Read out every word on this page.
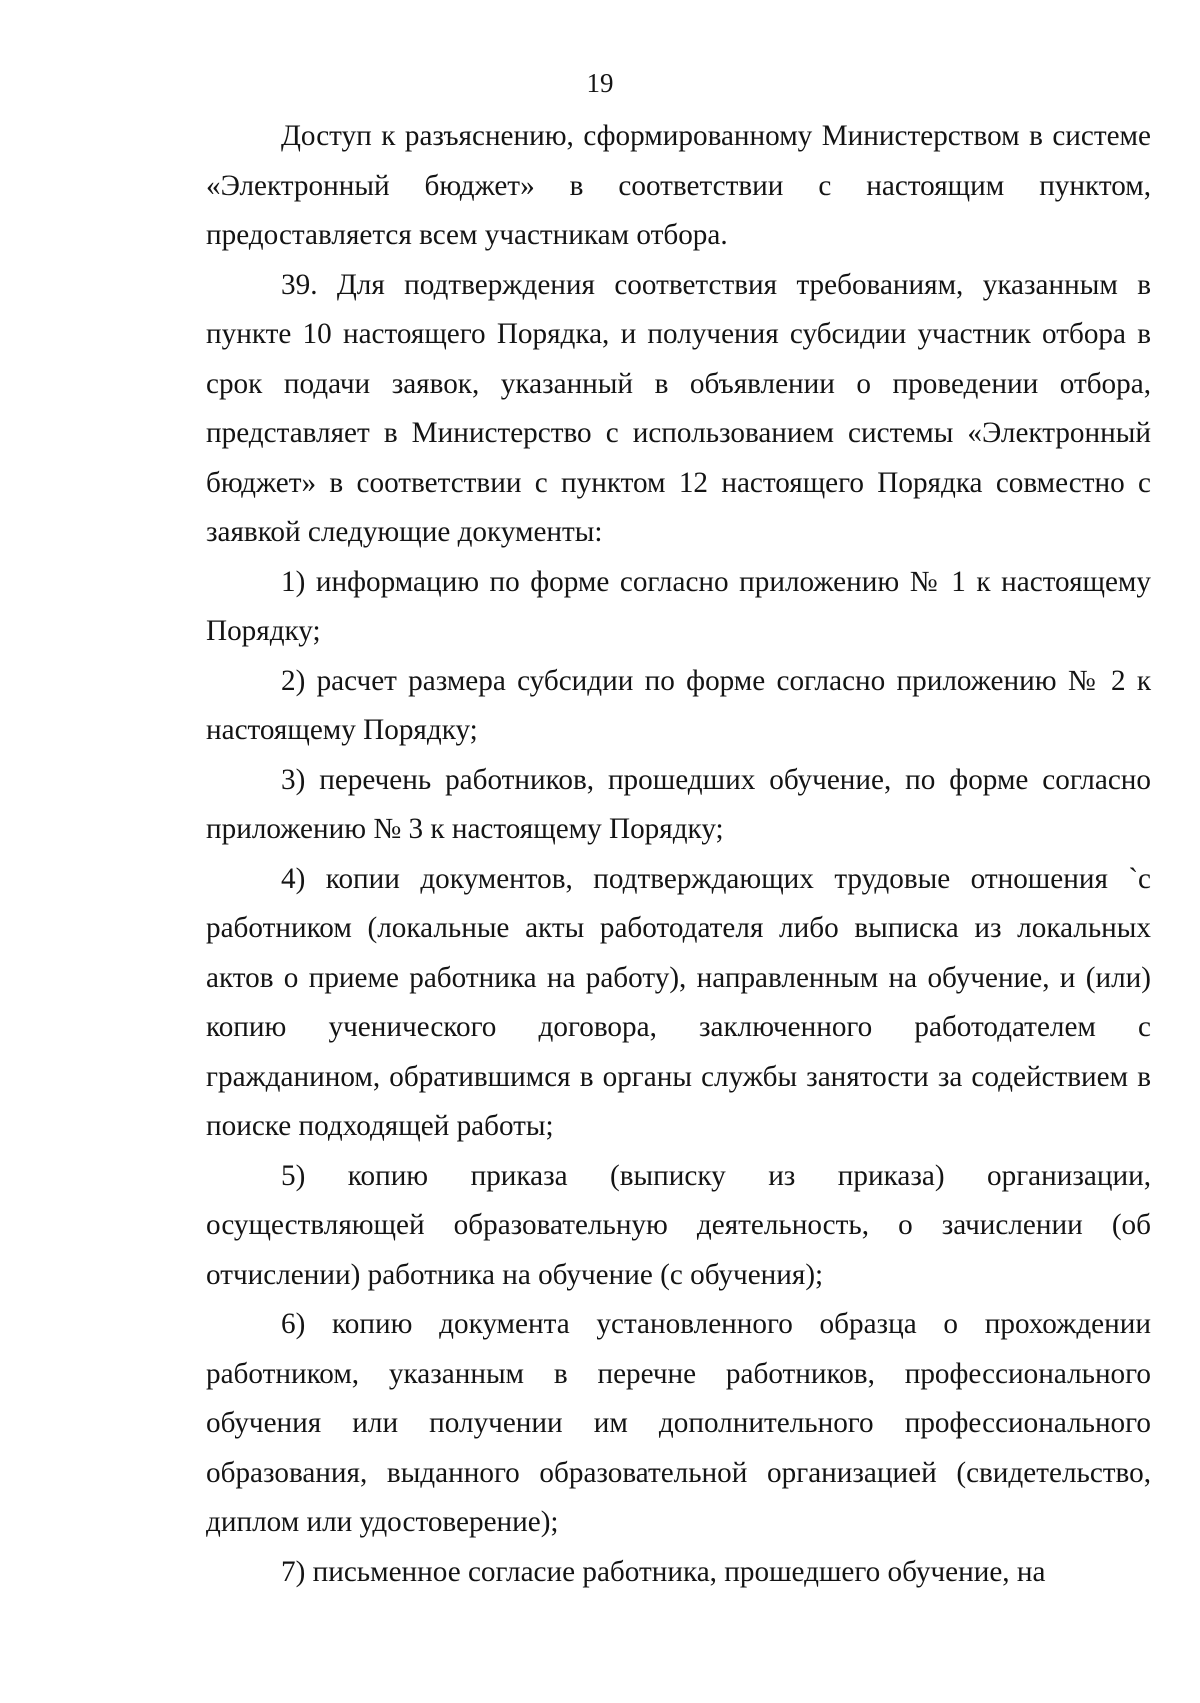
19

Доступ к разъяснению, сформированному Министерством в системе «Электронный бюджет» в соответствии с настоящим пунктом, предоставляется всем участникам отбора.

39. Для подтверждения соответствия требованиям, указанным в пункте 10 настоящего Порядка, и получения субсидии участник отбора в срок подачи заявок, указанный в объявлении о проведении отбора, представляет в Министерство с использованием системы «Электронный бюджет» в соответствии с пунктом 12 настоящего Порядка совместно с заявкой следующие документы:

1) информацию по форме согласно приложению № 1 к настоящему Порядку;

2) расчет размера субсидии по форме согласно приложению № 2 к настоящему Порядку;

3) перечень работников, прошедших обучение, по форме согласно приложению № 3 к настоящему Порядку;

4) копии документов, подтверждающих трудовые отношения `с работником (локальные акты работодателя либо выписка из локальных актов о приеме работника на работу), направленным на обучение, и (или) копию ученического договора, заключенного работодателем с гражданином, обратившимся в органы службы занятости за содействием в поиске подходящей работы;

5) копию приказа (выписку из приказа) организации, осуществляющей образовательную деятельность, о зачислении (об отчислении) работника на обучение (с обучения);

6) копию документа установленного образца о прохождении работником, указанным в перечне работников, профессионального обучения или получении им дополнительного профессионального образования, выданного образовательной организацией (свидетельство, диплом или удостоверение);

7) письменное согласие работника, прошедшего обучение, на
